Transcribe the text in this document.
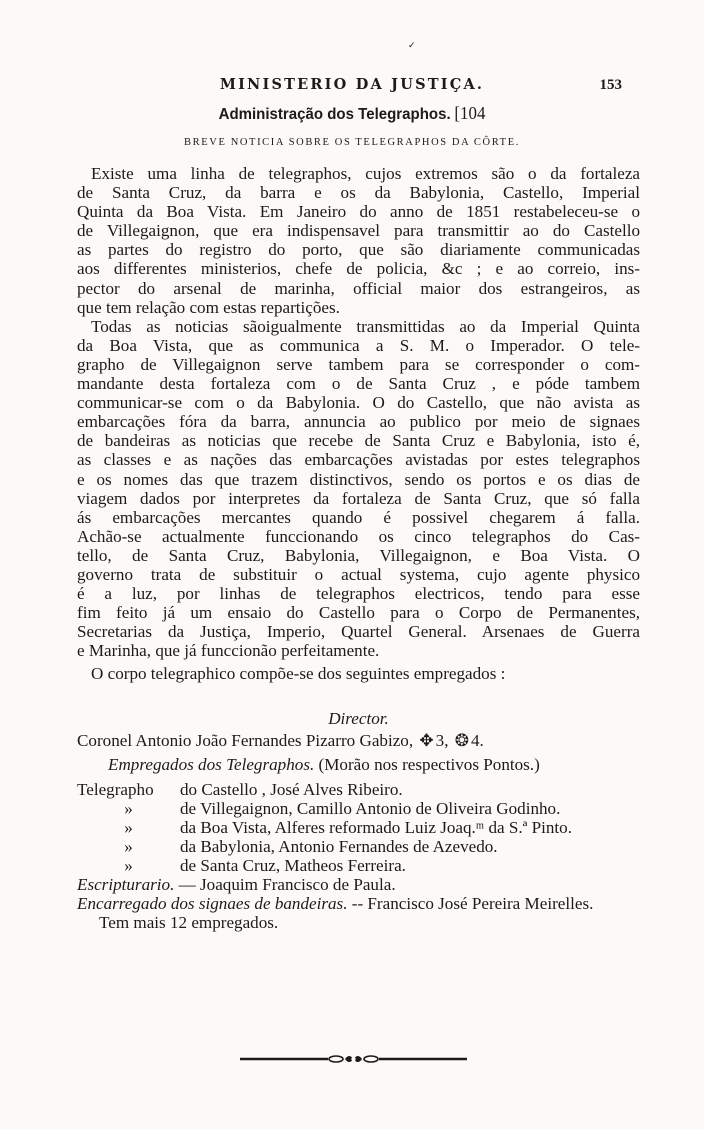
✓
MINISTERIO DA JUSTIÇA.	153
Administração dos Telegraphos. [104
BREVE NOTICIA SOBRE OS TELEGRAPHOS DA CÔRTE.
Existe uma linha de telegraphos, cujos extremos são o da fortaleza
de Santa Cruz, da barra e os da Babylonia, Castello, Imperial
Quinta da Boa Vista. Em Janeiro do anno de 1851 restabeleceu-se o
de Villegaignon, que era indispensavel para transmittir ao do Castello
as partes do registro do porto, que são diariamente communicadas
aos differentes ministerios, chefe de policia, &c ; e ao correio, ins-
pector do arsenal de marinha, official maior dos estrangeiros, as
que tem relação com estas repartições.
Todas as noticias sãoigualmente transmittidas ao da Imperial Quinta
da Boa Vista, que as communica a S. M. o Imperador. O tele-
grapho de Villegaignon serve tambem para se corresponder o com-
mandante desta fortaleza com o de Santa Cruz , e póde tambem
communicar-se com o da Babylonia. O do Castello, que não avista as
embarcações fóra da barra, annuncia ao publico por meio de signaes
de bandeiras as noticias que recebe de Santa Cruz e Babylonia, isto é,
as classes e as nações das embarcações avistadas por estes telegraphos
e os nomes das que trazem distinctivos, sendo os portos e os dias de
viagem dados por interpretes da fortaleza de Santa Cruz, que só falla
ás embarcações mercantes quando é possivel chegarem á falla.
Achão-se actualmente funccionando os cinco telegraphos do Cas-
tello, de Santa Cruz, Babylonia, Villegaignon, e Boa Vista. O
governo trata de substituir o actual systema, cujo agente physico
é a luz, por linhas de telegraphos electricos, tendo para esse
fim feito já um ensaio do Castello para o Corpo de Permanentes,
Secretarias da Justiça, Imperio, Quartel General. Arsenaes de Guerra
e Marinha, que já funccionão perfeitamente.
O corpo telegraphico compõe-se dos seguintes empregados :
Director.
Coronel Antonio João Fernandes Pizarro Gabizo, ✥ 3, ❂ 4.
Empregados dos Telegraphos. (Morão nos respectivos Pontos.)
Telegrapho do Castello , José Alves Ribeiro.
»	de Villegaignon, Camillo Antonio de Oliveira Godinho.
»	da Boa Vista, Alferes reformado Luiz Joaq.ᵐ da S.ª Pinto.
»	da Babylonia, Antonio Fernandes de Azevedo.
»	de Santa Cruz, Matheos Ferreira.
Escripturario. — Joaquim Francisco de Paula.
Encarregado dos signaes de bandeiras. -- Francisco José Pereira Meirelles.
Tem mais 12 empregados.
